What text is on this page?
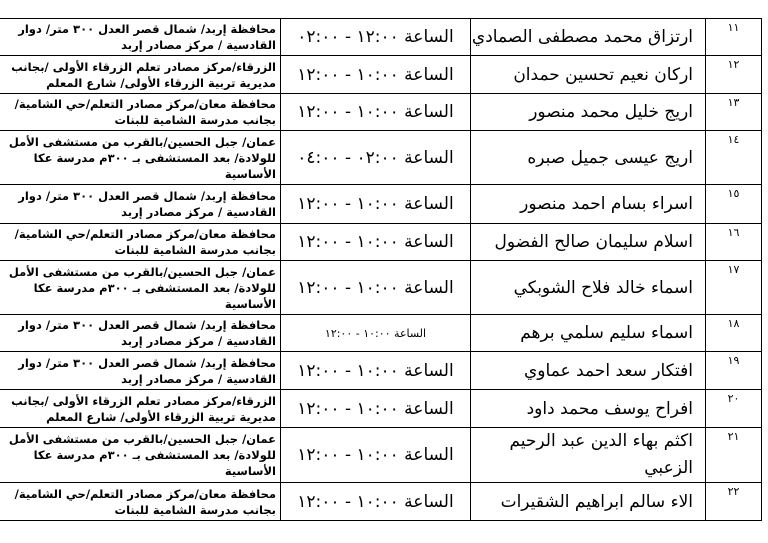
١١	ارتزاق محمد مصطفى الصمادي	الساعة ١٢:٠٠ - ٠٢:٠٠	محافظة إربد/ شمال قصر العدل ٣٠٠ متر/ دوار القادسية / مركز مصادر إربد
١٢	اركان نعيم تحسين حمدان	الساعة ١٠:٠٠ - ١٢:٠٠	الزرقاء/مركز مصادر تعلم الزرقاء الأولى /بجانب مديرية تربية الزرقاء الأولى/ شارع المعلم
١٣	اريج خليل محمد منصور	الساعة ١٠:٠٠ - ١٢:٠٠	محافظة معان/مركز مصادر التعلم/حي الشامية/ بجانب مدرسة الشامية للبنات
١٤	اريج عيسى جميل صبره	الساعة ٠٢:٠٠ - ٠٤:٠٠	عمان/ جبل الحسين/بالقرب من مستشفى الأمل للولادة/ بعد المستشفى بـ ٣٠٠م مدرسة عكا الأساسية
١٥	اسراء بسام احمد منصور	الساعة ١٠:٠٠ - ١٢:٠٠	محافظة إربد/ شمال قصر العدل ٣٠٠ متر/ دوار القادسية / مركز مصادر إربد
١٦	اسلام سليمان صالح الفضول	الساعة ١٠:٠٠ - ١٢:٠٠	محافظة معان/مركز مصادر التعلم/حي الشامية/ بجانب مدرسة الشامية للبنات
١٧	اسماء خالد فلاح الشوبكي	الساعة ١٠:٠٠ - ١٢:٠٠	عمان/ جبل الحسين/بالقرب من مستشفى الأمل للولادة/ بعد المستشفى بـ ٣٠٠م مدرسة عكا الأساسية
١٨	اسماء سليم سلمي برهم	الساعة ١٠:٠٠ - ١٢:٠٠	محافظة إربد/ شمال قصر العدل ٣٠٠ متر/ دوار القادسية / مركز مصادر إربد
١٩	افتكار سعد احمد عماوي	الساعة ١٠:٠٠ - ١٢:٠٠	محافظة إربد/ شمال قصر العدل ٣٠٠ متر/ دوار القادسية / مركز مصادر إربد
٢٠	افراح يوسف محمد داود	الساعة ١٠:٠٠ - ١٢:٠٠	الزرقاء/مركز مصادر تعلم الزرقاء الأولى /بجانب مديرية تربية الزرقاء الأولى/ شارع المعلم
٢١	اكثم بهاء الدين عبد الرحيم الزعبي	الساعة ١٠:٠٠ - ١٢:٠٠	عمان/ جبل الحسين/بالقرب من مستشفى الأمل للولادة/ بعد المستشفى بـ ٣٠٠م مدرسة عكا الأساسية
٢٢	الاء سالم ابراهيم الشقيرات	الساعة ١٠:٠٠ - ١٢:٠٠	محافظة معان/مركز مصادر التعلم/حي الشامية/ بجانب مدرسة الشامية للبنات
